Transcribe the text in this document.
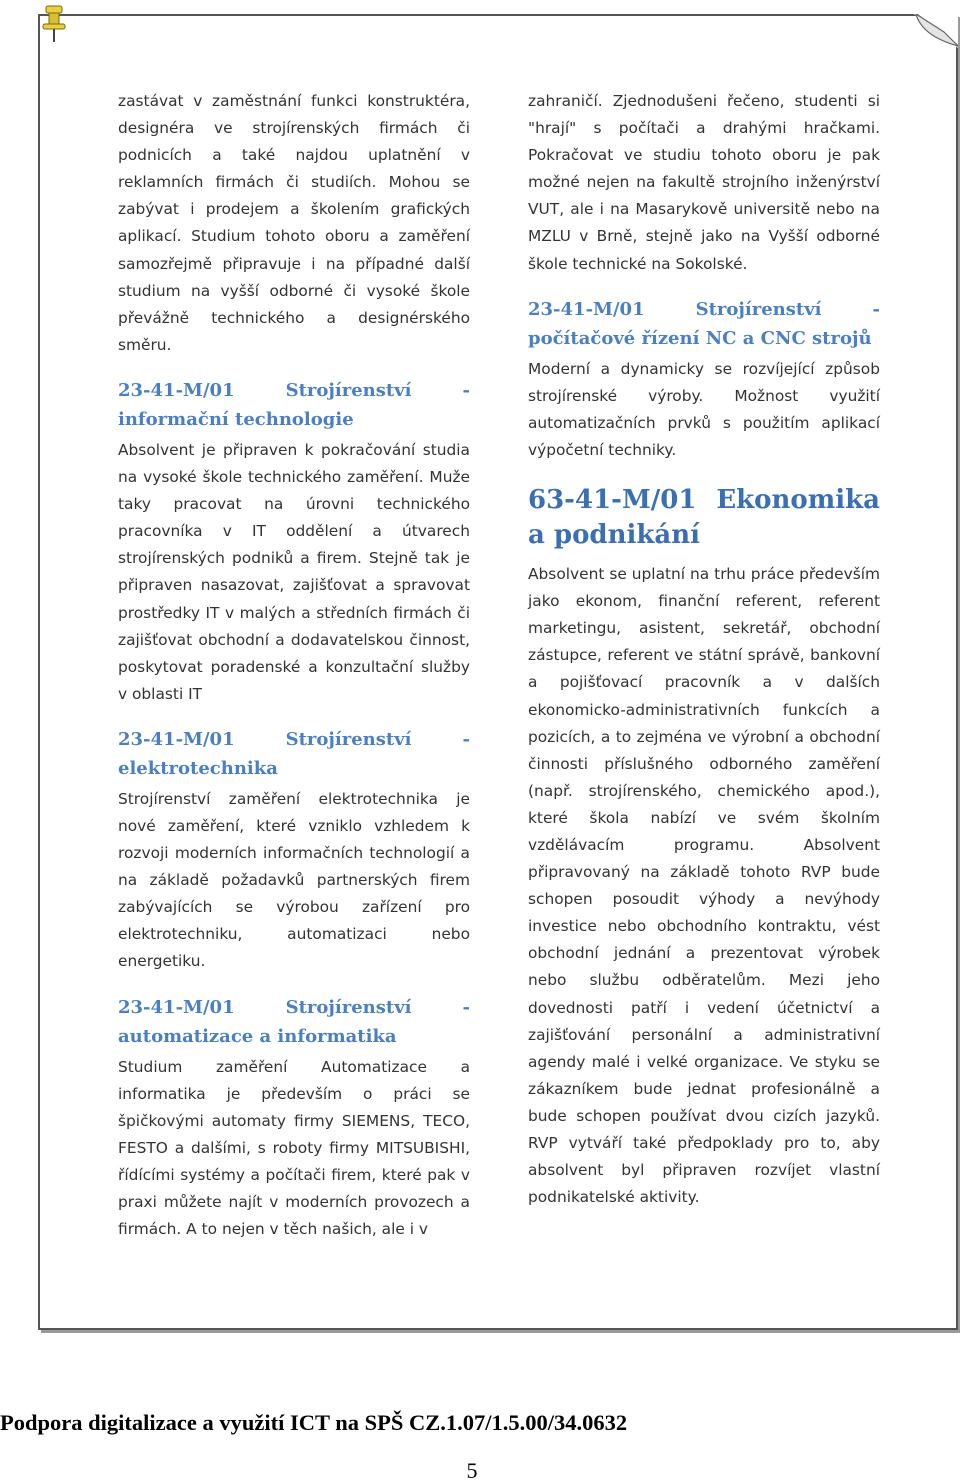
zastávat v zaměstnání funkci konstruktéra, designéra ve strojírenských firmách či podnicích a také najdou uplatnění v reklamních firmách či studiích. Mohou se zabývat i prodejem a školením grafických aplikací. Studium tohoto oboru a zaměření samozřejmě připravuje i na případné další studium na vyšší odborné či vysoké škole převážně technického a designérského směru.

23-41-M/01 Strojírenství - informační technologie

Absolvent je připraven k pokračování studia na vysoké škole technického zaměření. Muže taky pracovat na úrovni technického pracovníka v IT oddělení a útvarech strojírenských podniků a firem. Stejně tak je připraven nasazovat, zajišťovat a spravovat prostředky IT v malých a středních firmách či zajišťovat obchodní a dodavatelskou činnost, poskytovat poradenské a konzultační služby v oblasti IT

23-41-M/01 Strojírenství - elektrotechnika

Strojírenství zaměření elektrotechnika je nové zaměření, které vzniklo vzhledem k rozvoji moderních informačních technologií a na základě požadavků partnerských firem zabývajících se výrobou zařízení pro elektrotechniku, automatizaci nebo energetiku.

23-41-M/01 Strojírenství - automatizace a informatika

Studium zaměření Automatizace a informatika je především o práci se špičkovými automaty firmy SIEMENS, TECO, FESTO a dalšími, s roboty firmy MITSUBISHI, řídícími systémy a počítači firem, které pak v praxi můžete najít v moderních provozech a firmách. A to nejen v těch našich, ale i v

zahraničí. Zjednodušeni řečeno, studenti si "hrají" s počítači a drahými hračkami. Pokračovat ve studiu tohoto oboru je pak možné nejen na fakultě strojního inženýrství VUT, ale i na Masarykově universitě nebo na MZLU v Brně, stejně jako na Vyšší odborné škole technické na Sokolské.

23-41-M/01 Strojírenství - počítačové řízení NC a CNC strojů

Moderní a dynamicky se rozvíjející způsob strojírenské výroby. Možnost využití automatizačních prvků s použitím aplikací výpočetní techniky.

63-41-M/01 Ekonomika a podnikání

Absolvent se uplatní na trhu práce především jako ekonom, finanční referent, referent marketingu, asistent, sekretář, obchodní zástupce, referent ve státní správě, bankovní a pojišťovací pracovník a v dalších ekonomicko-administrativních funkcích a pozicích, a to zejména ve výrobní a obchodní činnosti příslušného odborného zaměření (např. strojírenského, chemického apod.), které škola nabízí ve svém školním vzdělávacím programu. Absolvent připravovaný na základě tohoto RVP bude schopen posoudit výhody a nevýhody investice nebo obchodního kontraktu, vést obchodní jednání a prezentovat výrobek nebo službu odběratelům. Mezi jeho dovednosti patří i vedení účetnictví a zajišťování personální a administrativní agendy malé i velké organizace. Ve styku se zákazníkem bude jednat profesionálně a bude schopen používat dvou cizích jazyků. RVP vytváří také předpoklady pro to, aby absolvent byl připraven rozvíjet vlastní podnikatelské aktivity.

Podpora digitalizace a využití ICT na SPŠ CZ.1.07/1.5.00/34.0632
5
